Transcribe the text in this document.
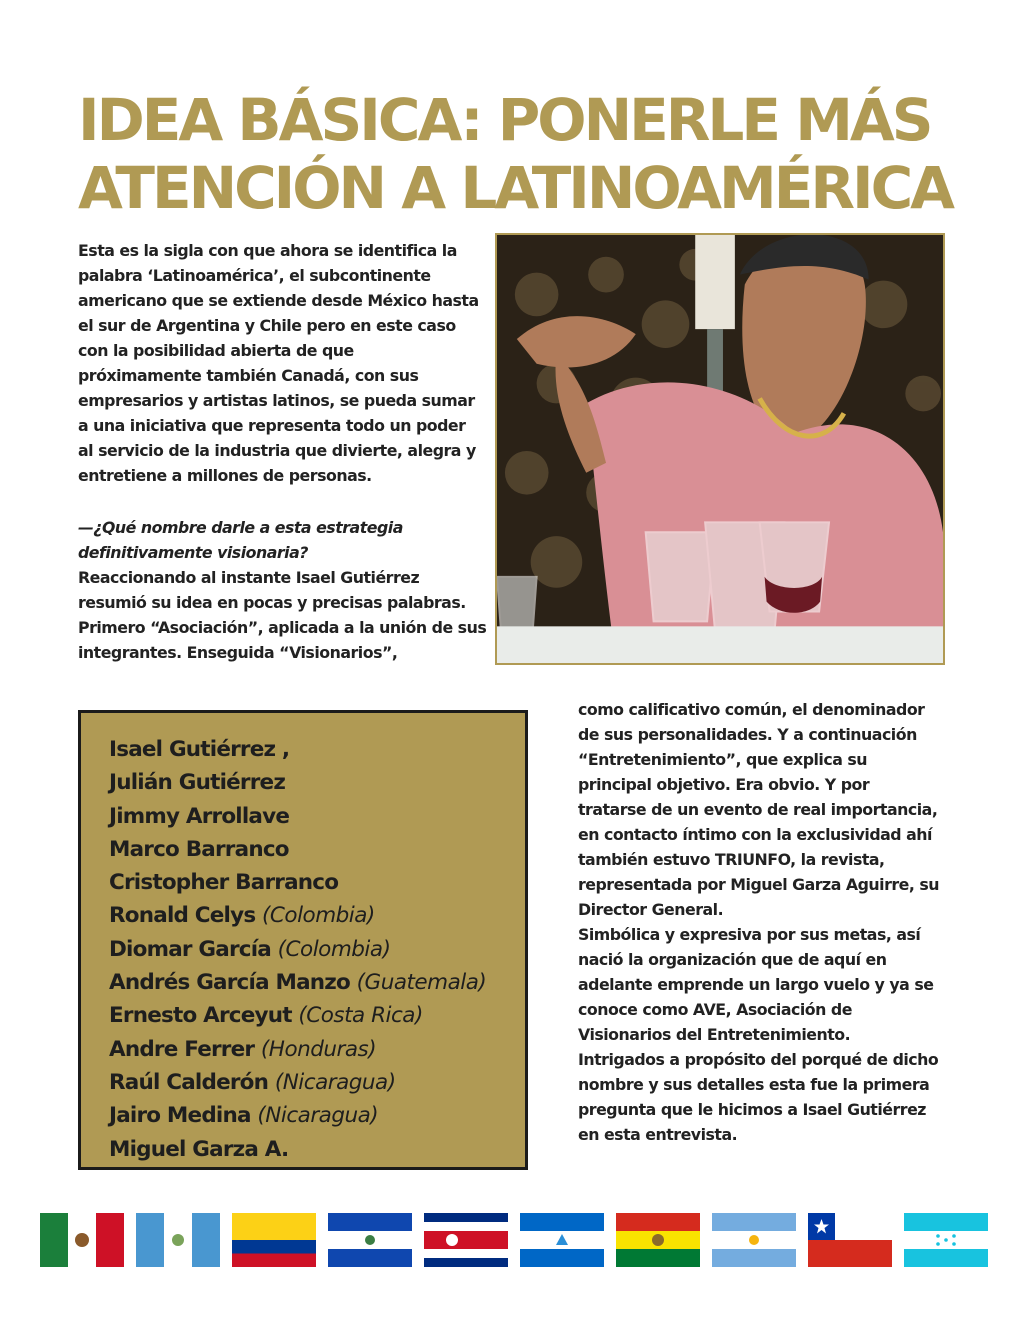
IDEA BÁSICA: PONERLE MÁS
ATENCIÓN A LATINOAMÉRICA

Esta es la sigla con que ahora se identifica la palabra ‘Latinoamérica’, el subcontinente americano que se extiende desde México hasta el sur de Argentina y Chile pero en este caso con la posibilidad abierta de que próximamente también Canadá, con sus empresarios y artistas latinos, se pueda sumar a una iniciativa que representa todo un poder al servicio de la industria que divierte, alegra y entretiene a millones de personas.

—¿Qué nombre darle a esta estrategia definitivamente visionaria?

Reaccionando al instante Isael Gutiérrez resumió su idea en pocas y precisas palabras. Primero “Asociación”, aplicada a la unión de sus integrantes. Enseguida “Visionarios”,

Isael Gutiérrez ,
Julián Gutiérrez
Jimmy Arrollave
Marco Barranco
Cristopher Barranco
Ronald Celys (Colombia)
Diomar García (Colombia)
Andrés García Manzo (Guatemala)
Ernesto Arceyut (Costa Rica)
Andre Ferrer (Honduras)
Raúl Calderón (Nicaragua)
Jairo Medina (Nicaragua)
Miguel Garza A.

como calificativo común, el denominador de sus personalidades. Y a continuación “Entretenimiento”, que explica su principal objetivo. Era obvio. Y por tratarse de un evento de real importancia, en contacto íntimo con la exclusividad ahí también estuvo TRIUNFO, la revista, representada por Miguel Garza Aguirre, su Director General.

Simbólica y expresiva por sus metas, así nació la organización que de aquí en adelante emprende un largo vuelo y ya se conoce como AVE, Asociación de Visionarios del Entretenimiento. Intrigados a propósito del porqué de dicho nombre y sus detalles esta fue la primera pregunta que le hicimos a Isael Gutiérrez en esta entrevista.
